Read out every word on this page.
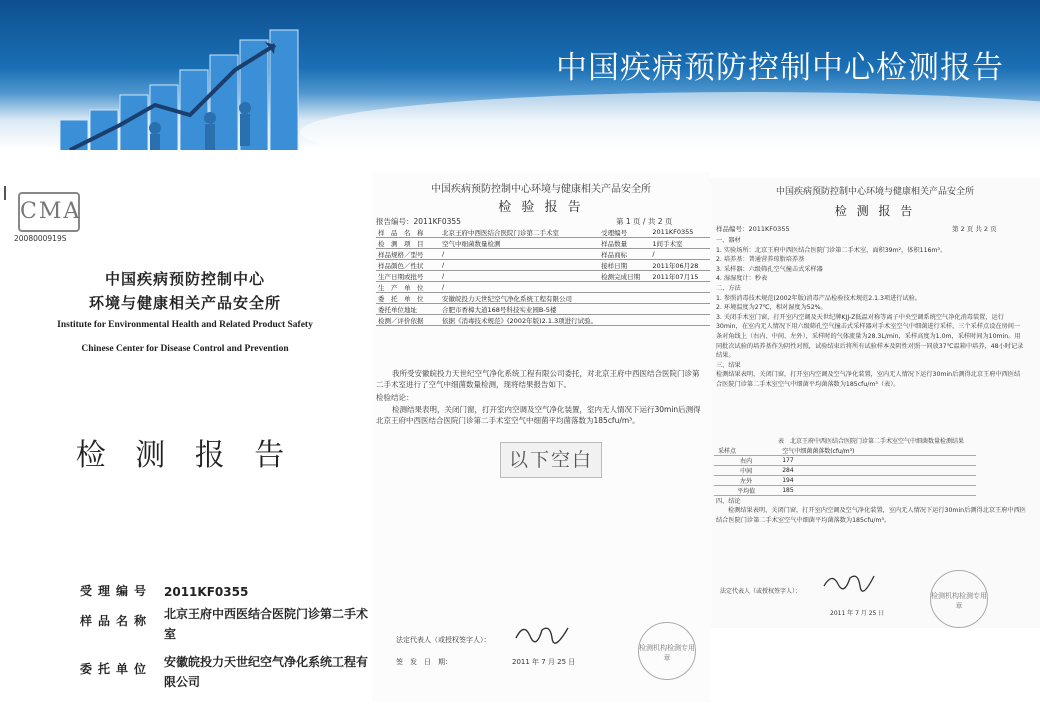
中国疾病预防控制中心检测报告
CMA
2008000919S
中国疾病预防控制中心
环境与健康相关产品安全所
Institute for Environmental Health and Related Product Safety
Chinese Center for Disease Control and Prevention
检 测 报 告
受理编号 2011KF0355
样品名称 北京王府中西医结合医院门诊第二手术室
委托单位 安徽皖投力天世纪空气净化系统工程有限公司
中国疾病预防控制中心环境与健康相关产品安全所
检 验 报 告
报告编号：2011KF0355	第 1 页 / 共 2 页
样　品　名　称	北京王府中西医结合医院门诊第二手术室	受理编号	2011KF0355
检　测　项　目	空气中细菌数量检测	样品数量	1间手术室
样品规格／型号	/	样品商标	/
样品颜色／性状	/	接样日期	2011年06月28
生产日期或批号	/	检测完成日期	2011年07月15
生　产　单　位	/		
委　托　单　位	安徽皖投力天世纪空气净化系统工程有限公司		
委托单位地址	合肥市香樟大道168号科技实业园B-5楼		
检测／评价依据	依据《消毒技术规范》(2002年版)2.1.3项进行试验。		
我所受安徽皖投力天世纪空气净化系统工程有限公司委托，对北京王府中西医结合医院门诊第二手术室进行了空气中细菌数量检测，现将结果报告如下。
检验结论：
检测结果表明，关闭门窗，打开室内空调及空气净化装置，室内无人情况下运行30min后测得北京王府中西医结合医院门诊第二手术室空气中细菌平均菌落数为185cfu/m³。
以下空白
法定代表人（或授权签字人）：
签　发　日　期：	2011 年 7 月 25 日
检测机构检测专用章
中国疾病预防控制中心环境与健康相关产品安全所
检 测 报 告
样品编号：2011KF0355	第 2 页 共 2 页
一、器材
1. 实验场所：北京王府中西医结合医院门诊第二手术室，面积39m²，体积116m³。
2. 培养基：普通营养琼脂培养基
3. 采样器：六级筛孔空气撞击式采样器
4. 湿湿度计：秒表
二、方法
1. 参照消毒技术规范(2002年版)消毒产品检验技术规范2.1.3项进行试验。
2. 环境温度为27℃，相对湿度为52%。
3. 关闭手术室门窗，打开室内空调及天世纪牌KJJ-Z低温对称等离子中央空调系统空气净化消毒装置，运行30min，在室内无人情况下用六级筛孔空气撞击式采样器对手术室空气中细菌进行采样，三个采样点设在房间一条对角线上（右内、中间、左外），采样时的气体流量为28.3L/min，采样高度为1.0m，采样时间为10min。用同批次试验的培养基作为阴性对照，试验结束后将所有试验样本及阴性对照一同放37℃温箱中培养，48小时记录结果。
三、结果
检测结果表明，关闭门窗，打开室内空调及空气净化装置，室内无人情况下运行30min后测得北京王府中西医结合医院门诊第二手术室空气中细菌平均菌落数为185cfu/m³（表）。
表　北京王府中西医结合医院门诊第二手术室空气中细菌数量检测结果
采样点	空气中细菌菌落数(cfu/m³)
右内	177
中间	284
左外	194
平均值	185
四、结论
检测结果表明，关闭门窗，打开室内空调及空气净化装置，室内无人情况下运行30min后测得北京王府中西医结合医院门诊第二手术室空气中细菌平均菌落数为185cfu/m³。
法定代表人（或授权签字人）：
2011 年 7 月 25 日
检测机构检测专用章
